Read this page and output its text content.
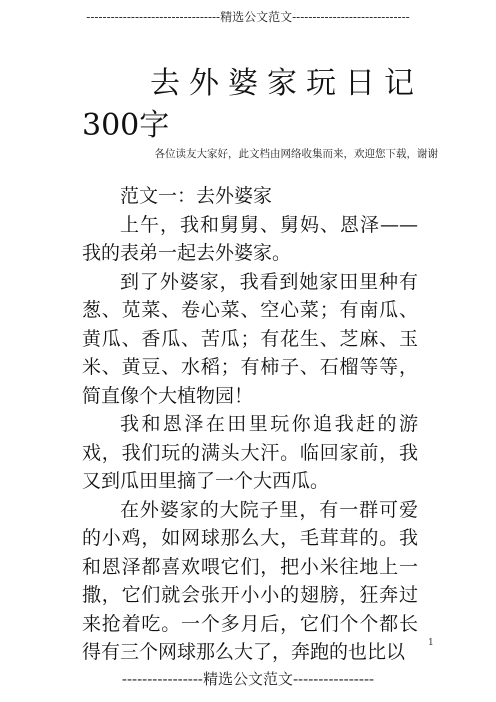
---------------------------------精选公文范文-----------------------------
去外婆家玩日记
300字
各位读友大家好，此文档由网络收集而来，欢迎您下载，谢谢

范文一：去外婆家

上午，我和舅舅、舅妈、恩泽——我的表弟一起去外婆家。

到了外婆家，我看到她家田里种有葱、苋菜、卷心菜、空心菜；有南瓜、黄瓜、香瓜、苦瓜；有花生、芝麻、玉米、黄豆、水稻；有柿子、石榴等等，简直像个大植物园！

我和恩泽在田里玩你追我赶的游戏，我们玩的满头大汗。临回家前，我又到瓜田里摘了一个大西瓜。

在外婆家的大院子里，有一群可爱的小鸡，如网球那么大，毛茸茸的。我和恩泽都喜欢喂它们，把小米往地上一撒，它们就会张开小小的翅膀，狂奔过来抢着吃。一个多月后，它们个个都长得有三个网球那么大了，奔跑的也比以	1
----------------精选公文范文----------------
